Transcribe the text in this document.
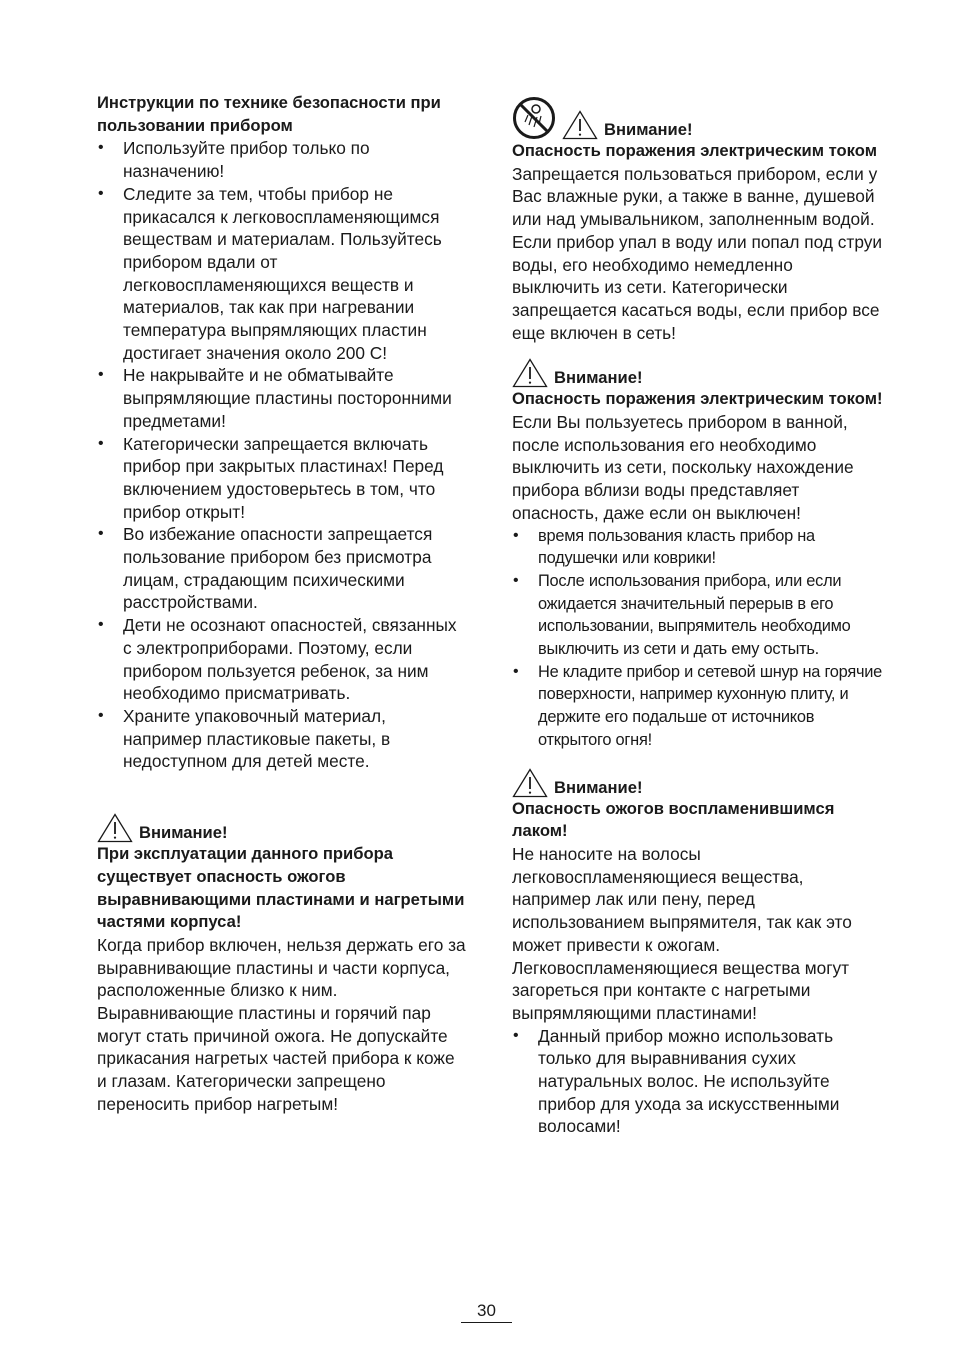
Инструкции по технике безопасности при пользовании прибором

• Используйте прибор только по назначению!
• Следите за тем, чтобы прибор не прикасался к легковоспламеняющимся веществам и материалам. Пользуйтесь прибором вдали от легковоспламеняющихся веществ и материалов, так как при нагревании температура выпрямляющих пластин достигает значения около 200 С!
• Не накрывайте и не обматывайте выпрямляющие пластины посторонними предметами!
• Категорически запрещается включать прибор при закрытых пластинах! Перед включением удостоверьтесь в том, что прибор открыт!
• Во избежание опасности запрещается пользование прибором без присмотра лицам, страдающим психическими расстройствами.
• Дети не осознают опасностей, связанных с электроприборами. Поэтому, если прибором пользуется ребенок, за ним необходимо присматривать.
• Храните упаковочный материал, например пластиковые пакеты, в недоступном для детей месте.
Внимание!

При эксплуатации данного прибора существует опасность ожогов выравнивающими пластинами и нагретыми частями корпуса!

Когда прибор включен, нельзя держать его за выравнивающие пластины и части корпуса, расположенные близко к ним. Выравнивающие пластины и горячий пар могут стать причиной ожога. Не допускайте прикасания нагретых частей прибора к коже и глазам. Категорически запрещено переносить прибор нагретым!

Внимание!

Опасность поражения электрическим током

Запрещается пользоваться прибором, если у Вас влажные руки, а также в ванне, душевой или над умывальником, заполненным водой. Если прибор упал в воду или попал под струи воды, его необходимо немедленно выключить из сети. Категорически запрещается касаться воды, если прибор все еще включен в сеть!

Внимание!

Опасность поражения электрическим током!

Если Вы пользуетесь прибором в ванной, после использования его необходимо выключить из сети, поскольку нахождение прибора вблизи воды представляет опасность, даже если он выключен!

• время пользования класть прибор на подушечки или коврики!
• После использования прибора, или если ожидается значительный перерыв в его использовании, выпрямитель необходимо выключить из сети и дать ему остыть.
• Не кладите прибор и сетевой шнур на горячие поверхности, например кухонную плиту, и держите его подальше от источников открытого огня!
Внимание!

Опасность ожогов воспламенившимся лаком!

Не наносите на волосы легковоспламеняющиеся вещества, например лак или пену, перед использованием выпрямителя, так как это может привести к ожогам. Легковоспламеняющиеся вещества могут загореться при контакте с нагретыми выпрямляющими пластинами!

• Данный прибор можно использовать только для выравнивания сухих натуральных волос. Не используйте прибор для ухода за искусственными волосами!
30
